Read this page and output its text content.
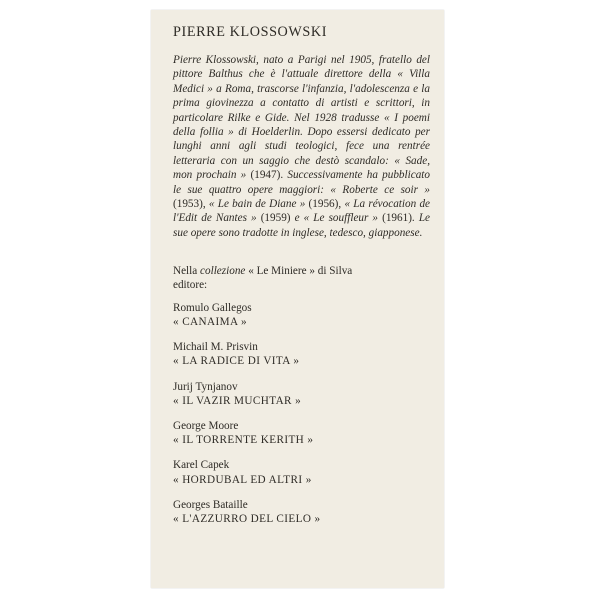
PIERRE KLOSSOWSKI

Pierre Klossowski, nato a Parigi nel 1905, fratello del pittore Balthus che è l'attuale direttore della « Villa Medici » a Roma, trascorse l'infanzia, l'adolescenza e la prima giovinezza a contatto di artisti e scrittori, in particolare Rilke e Gide. Nel 1928 tradusse « I poemi della follia » di Hoelderlin. Dopo essersi dedicato per lunghi anni agli studi teologici, fece una rentrée letteraria con un saggio che destò scandalo: « Sade, mon prochain » (1947). Successivamente ha pubblicato le sue quattro opere maggiori: « Roberte ce soir » (1953), « Le bain de Diane » (1956), « La révocation de l'Edit de Nantes » (1959) e « Le souffleur » (1961). Le sue opere sono tradotte in inglese, tedesco, giapponese.

Nella collezione « Le Miniere » di Silva
editore:
Romulo Gallegos
« CANAIMA »
Michail M. Prisvin
« LA RADICE DI VITA »
Jurij Tynjanov
« IL VAZIR MUCHTAR »
George Moore
« IL TORRENTE KERITH »
Karel Capek
« HORDUBAL ED ALTRI »
Georges Bataille
« L'AZZURRO DEL CIELO »
